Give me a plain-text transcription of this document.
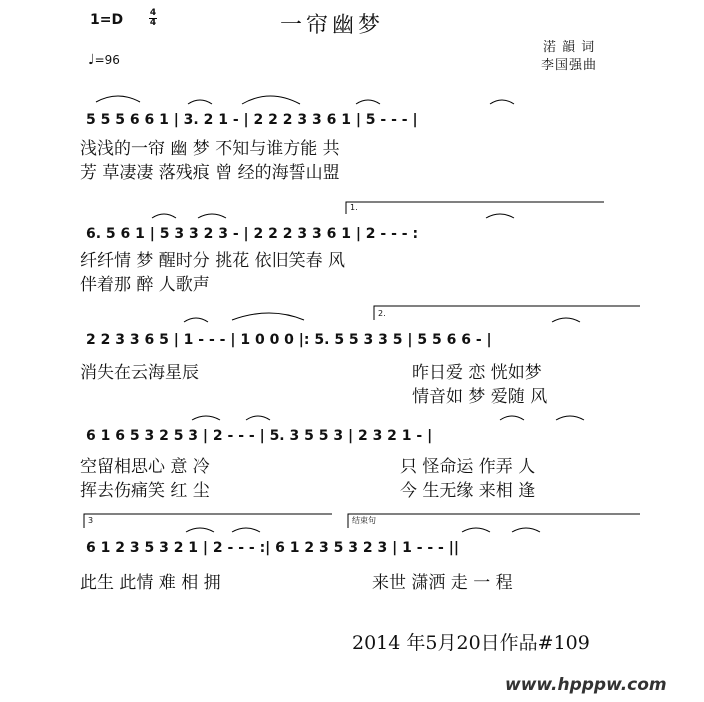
1=D	4
4	一帘幽梦
渃 韻 词
李国强曲
♩=96
5 5 5 6 6 1 | 3. 2 1 - | 2 2 2 3 3 6 1 | 5 - - - |
浅浅的一帘 幽 梦 不知与谁方能 共
芳 草凄凄 落残痕 曾 经的海誓山盟
1.
6. 5 6 1 | 5 3 3 2 3 - | 2 2 2 3 3 6 1 | 2 - - - :
纤纤情 梦 醒时分 挑花 依旧笑春 风
伴着那 醉 人歌声
2.
2 2 3 3 6 5 | 1 - - - | 1 0 0 0 |: 5. 5 5 3 3 5 | 5 5 6 6 - |
消失在云海星辰	昨日爱 恋 恍如梦
情音如 梦 爱随 风
6 1 6 5 3 2 5 3 | 2 - - - | 5. 3 5 5 3 | 2 3 2 1 - |
空留相思心 意 冷	只 怪命运 作弄 人
挥去伤痛笑 红 尘	今 生无缘 来相 逢
3	结束句
6 1 2 3 5 3 2 1 | 2 - - - :| 6 1 2 3 5 3 2 3 | 1 - - - ||
此生 此情 难 相 拥	来世 潇洒 走 一 程
2014 年5月20日作品#109
www.hpppw.com
